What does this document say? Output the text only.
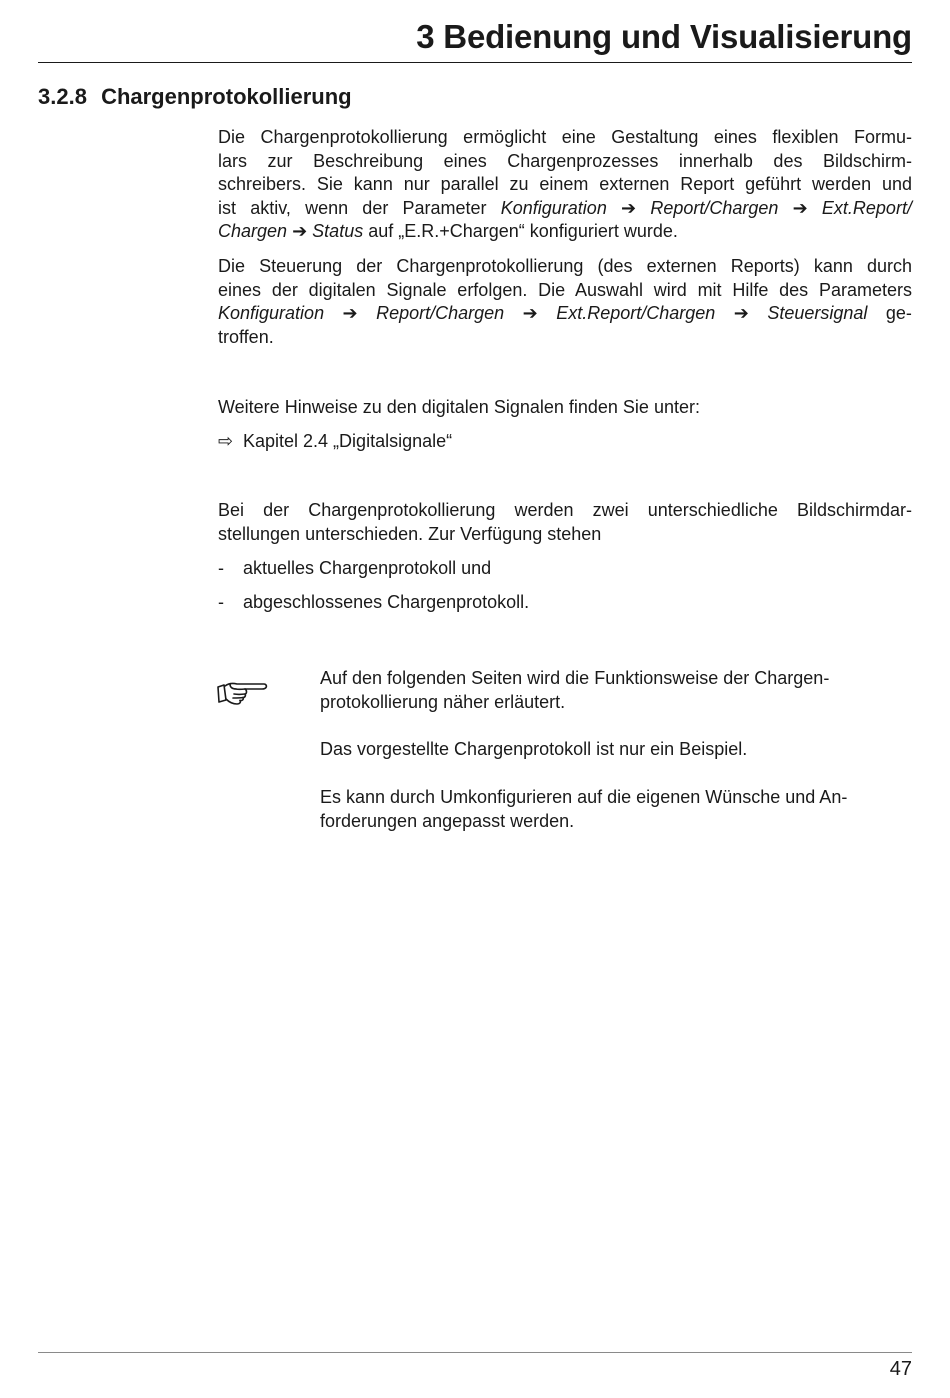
3 Bedienung und Visualisierung
3.2.8 Chargenprotokollierung

Die Chargenprotokollierung ermöglicht eine Gestaltung eines flexiblen Formu-
lars zur Beschreibung eines Chargenprozesses innerhalb des Bildschirm-
schreibers. Sie kann nur parallel zu einem externen Report geführt werden und
ist aktiv, wenn der Parameter Konfiguration ➔ Report/Chargen ➔ Ext.Report/
Chargen ➔ Status auf „E.R.+Chargen“ konfiguriert wurde.

Die Steuerung der Chargenprotokollierung (des externen Reports) kann durch
eines der digitalen Signale erfolgen. Die Auswahl wird mit Hilfe des Parameters
Konfiguration ➔ Report/Chargen ➔ Ext.Report/Chargen ➔ Steuersignal ge-
troffen.

Weitere Hinweise zu den digitalen Signalen finden Sie unter:

⇨ Kapitel 2.4 „Digitalsignale“

Bei der Chargenprotokollierung werden zwei unterschiedliche Bildschirmdar-
stellungen unterschieden. Zur Verfügung stehen

- aktuelles Chargenprotokoll und
- abgeschlossenes Chargenprotokoll.
Auf den folgenden Seiten wird die Funktionsweise der Chargen-
protokollierung näher erläutert.
Das vorgestellte Chargenprotokoll ist nur ein Beispiel.
Es kann durch Umkonfigurieren auf die eigenen Wünsche und An-
forderungen angepasst werden.
47
